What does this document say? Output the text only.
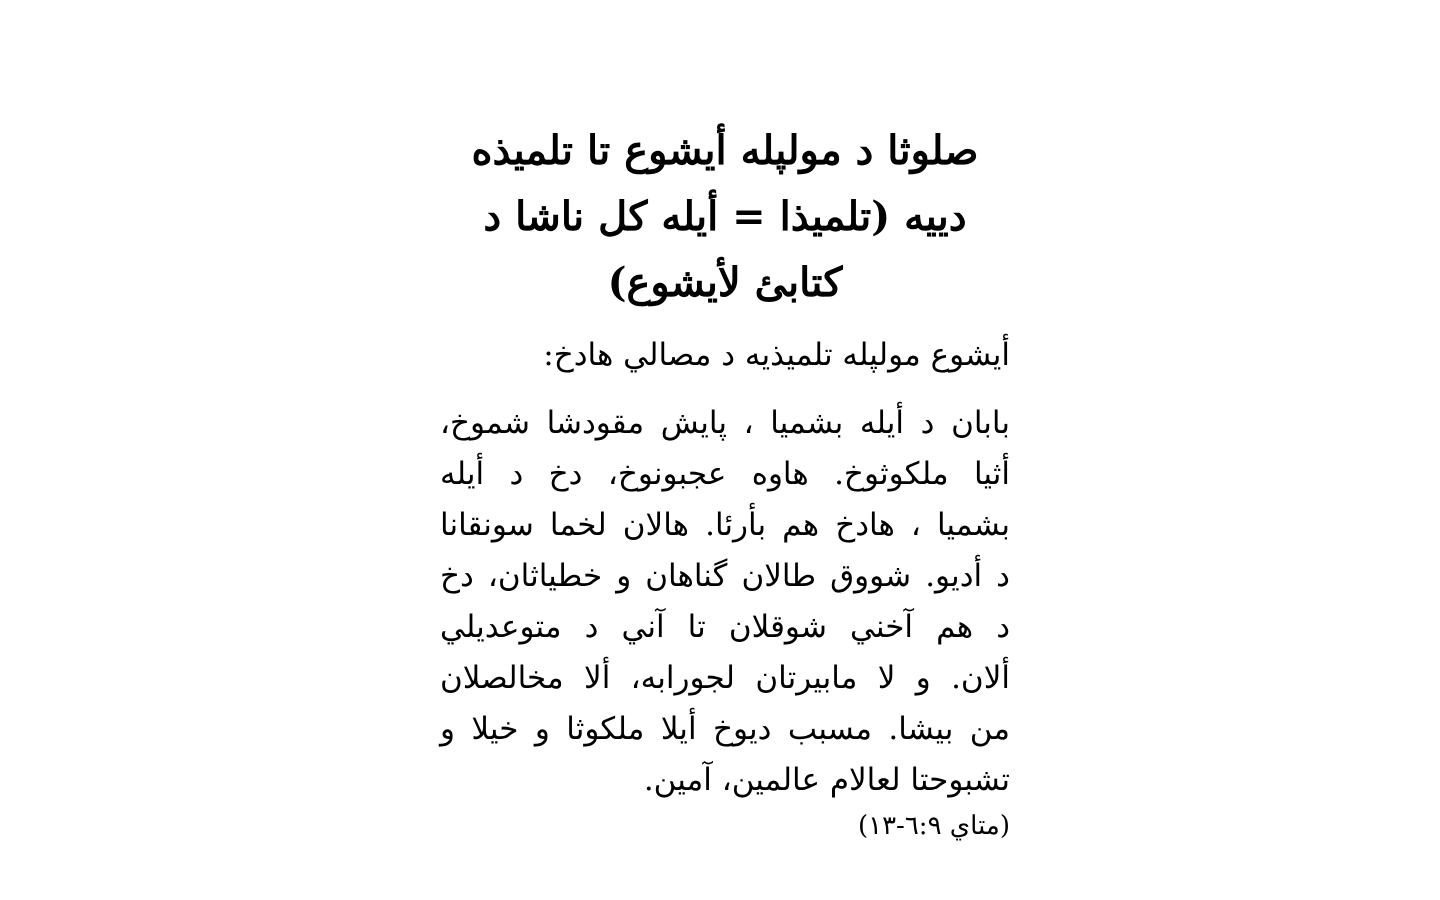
صلوثا د مولپله أيشوع تا تلميذه
دييه (تلميذا = أيله كل ناشا د
كتابئ لأيشوع)

أيشوع مولپله تلميذيه د مصالي هادخ:

بابان د أيله بشميا ، پايش مقودشا شموخ،
أثيا ملكوثوخ. هاوه عجبونوخ، دخ د أيله
بشميا ، هادخ هم بأرئا. هالان لخما سونقانا
د أديو. شووق طالان گناهان و خطياثان، دخ
د هم آخني شوقلان تا آني د متوعديلي
ألان. و لا مابيرتان لجورابه، ألا مخالصلان
من بيشا. مسبب ديوخ أيلا ملكوثا و خيلا و
تشبوحتا لعالام عالمين، آمين.

(متاي ٦:٩-١٣)
